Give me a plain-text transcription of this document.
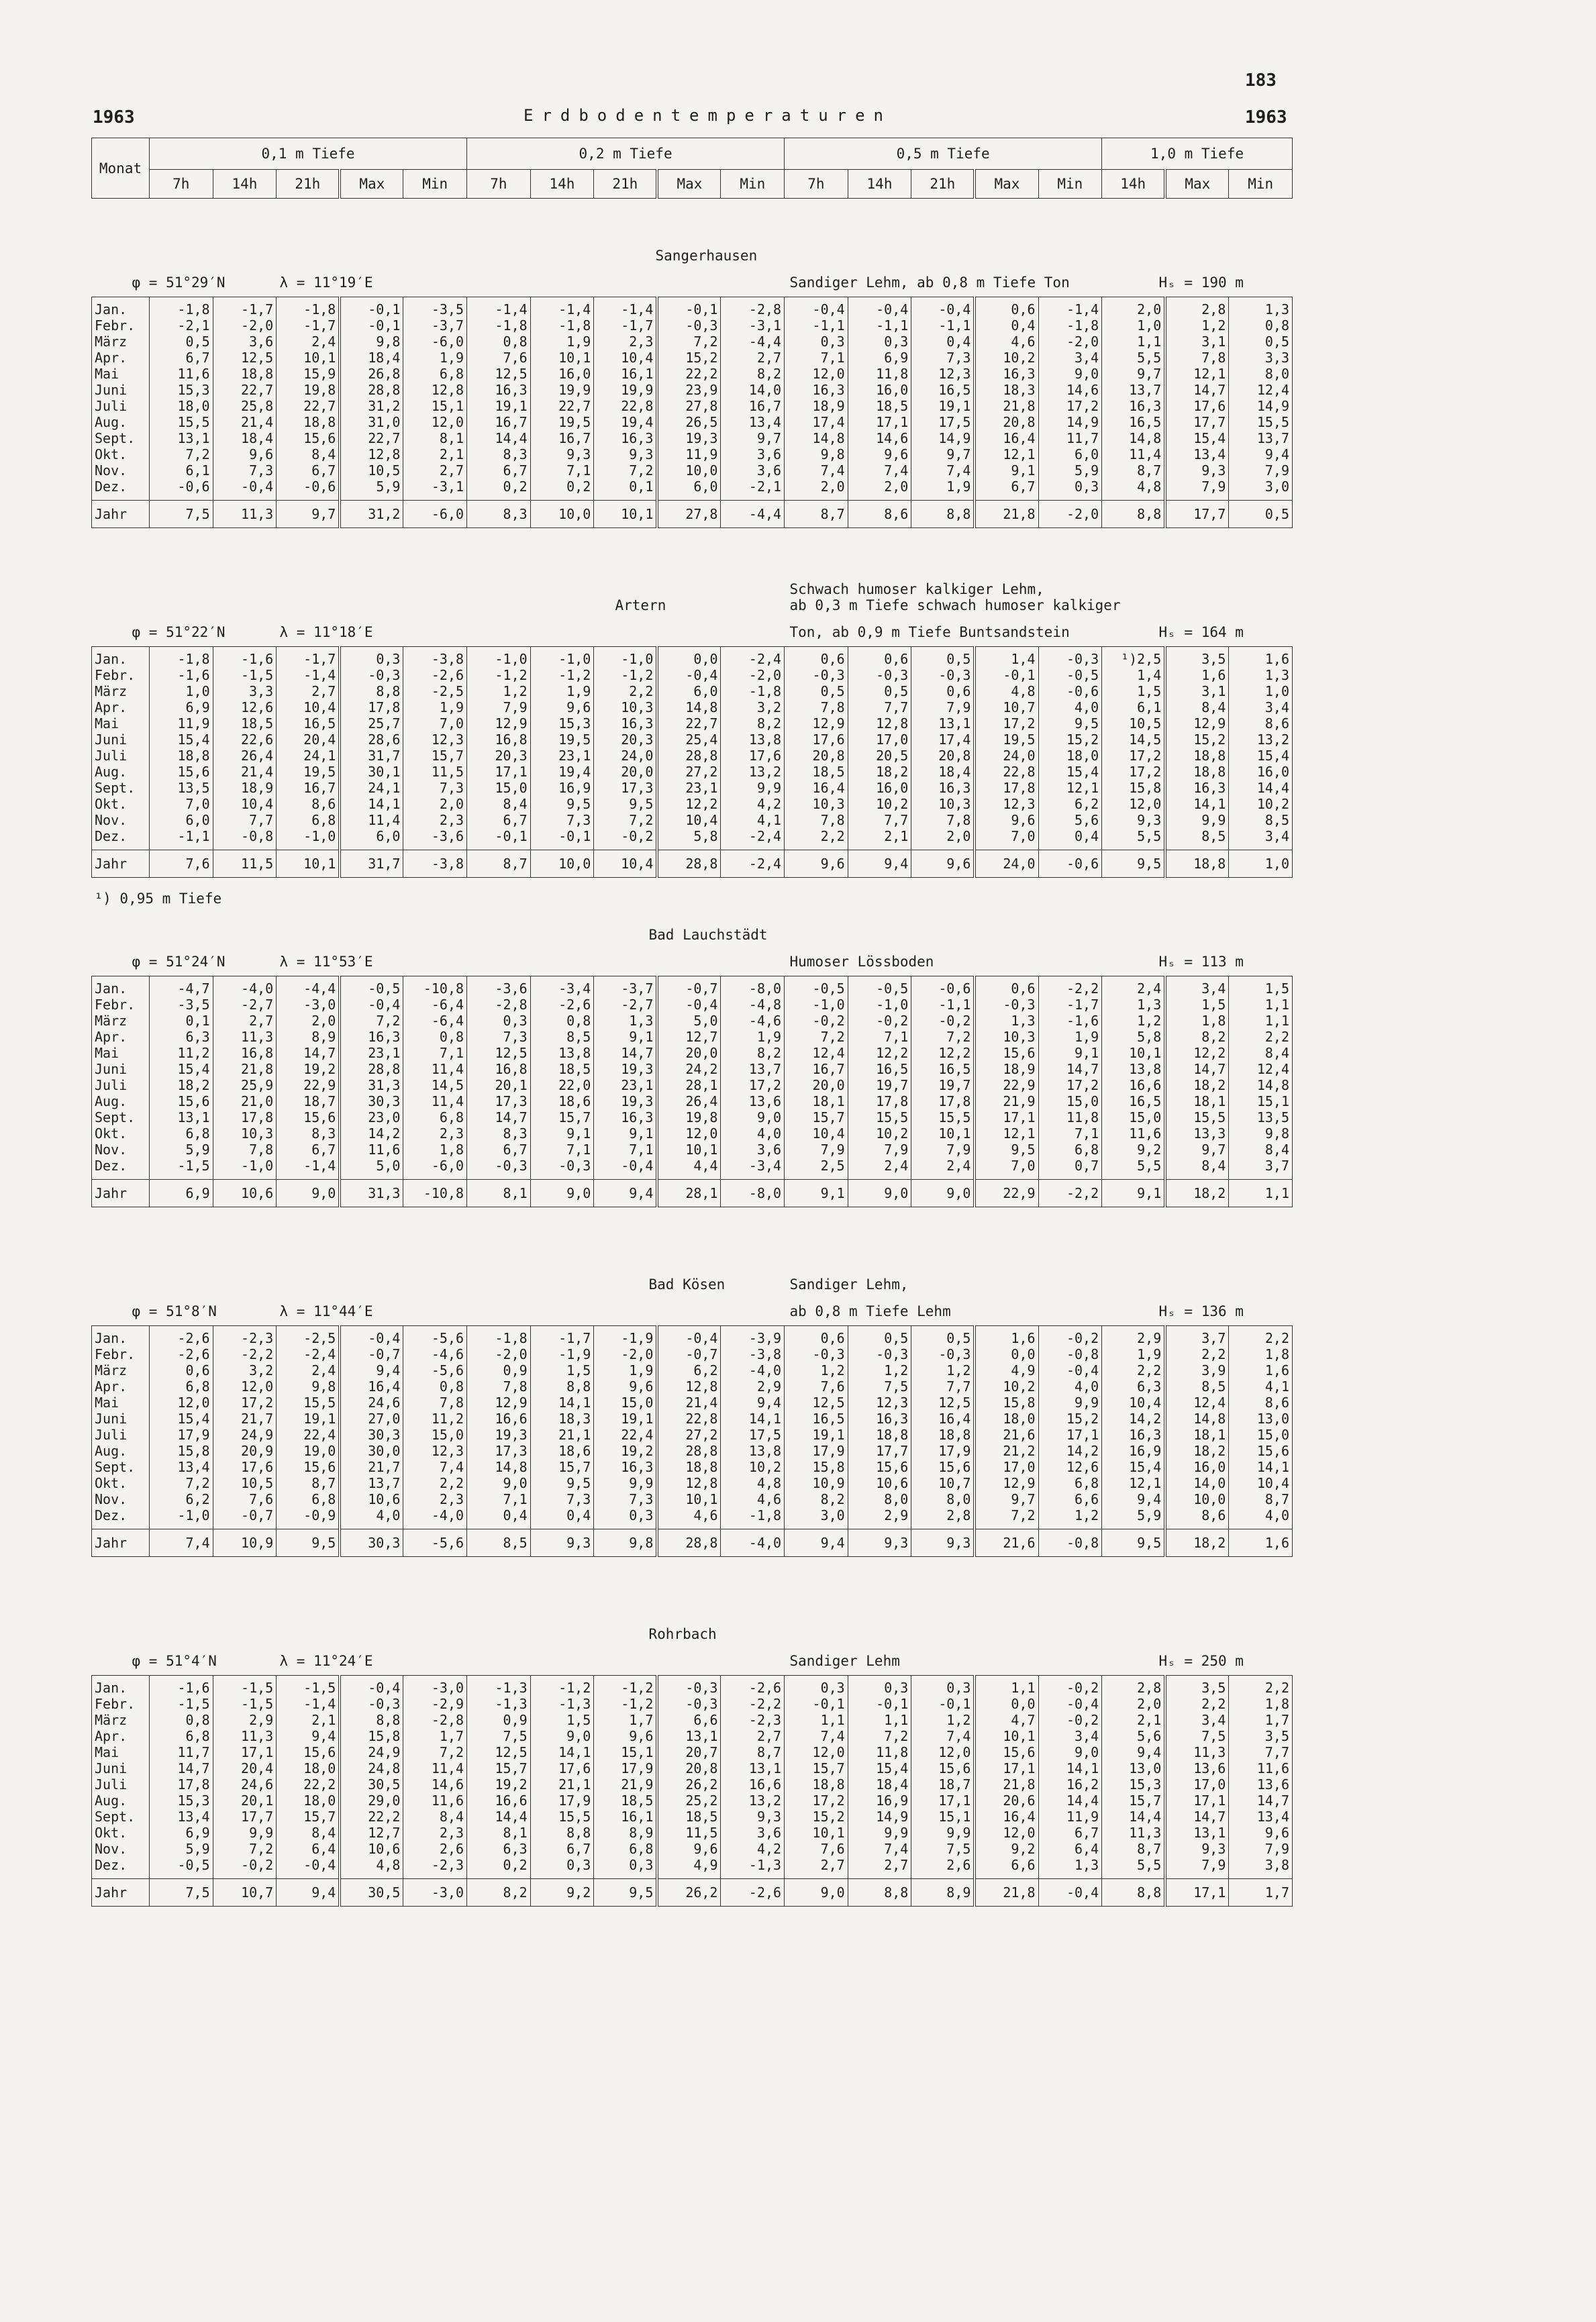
183
1963	Erdbodentemperaturen	1963
Monat	0,1 m Tiefe					0,2 m Tiefe					0,5 m Tiefe					1,0 m Tiefe		
	7h	14h	21h	Max	Min	7h	14h	21h	Max	Min	7h	14h	21h	Max	Min	14h	Max	Min

Sangerhausen																		

φ = 51°29′N λ = 11°19′E Sandiger Lehm, ab 0,8 m Tiefe Ton Hₛ = 190 m																		

Jan.	-1,8	-1,7	-1,8	-0,1	-3,5	-1,4	-1,4	-1,4	-0,1	-2,8	-0,4	-0,4	-0,4	0,6	-1,4	2,0	2,8	1,3
Febr.	-2,1	-2,0	-1,7	-0,1	-3,7	-1,8	-1,8	-1,7	-0,3	-3,1	-1,1	-1,1	-1,1	0,4	-1,8	1,0	1,2	0,8
März	0,5	3,6	2,4	9,8	-6,0	0,8	1,9	2,3	7,2	-4,4	0,3	0,3	0,4	4,6	-2,0	1,1	3,1	0,5
Apr.	6,7	12,5	10,1	18,4	1,9	7,6	10,1	10,4	15,2	2,7	7,1	6,9	7,3	10,2	3,4	5,5	7,8	3,3
Mai	11,6	18,8	15,9	26,8	6,8	12,5	16,0	16,1	22,2	8,2	12,0	11,8	12,3	16,3	9,0	9,7	12,1	8,0
Juni	15,3	22,7	19,8	28,8	12,8	16,3	19,9	19,9	23,9	14,0	16,3	16,0	16,5	18,3	14,6	13,7	14,7	12,4
Juli	18,0	25,8	22,7	31,2	15,1	19,1	22,7	22,8	27,8	16,7	18,9	18,5	19,1	21,8	17,2	16,3	17,6	14,9
Aug.	15,5	21,4	18,8	31,0	12,0	16,7	19,5	19,4	26,5	13,4	17,4	17,1	17,5	20,8	14,9	16,5	17,7	15,5
Sept.	13,1	18,4	15,6	22,7	8,1	14,4	16,7	16,3	19,3	9,7	14,8	14,6	14,9	16,4	11,7	14,8	15,4	13,7
Okt.	7,2	9,6	8,4	12,8	2,1	8,3	9,3	9,3	11,9	3,6	9,8	9,6	9,7	12,1	6,0	11,4	13,4	9,4
Nov.	6,1	7,3	6,7	10,5	2,7	6,7	7,1	7,2	10,0	3,6	7,4	7,4	7,4	9,1	5,9	8,7	9,3	7,9
Dez.	-0,6	-0,4	-0,6	5,9	-3,1	0,2	0,2	0,1	6,0	-2,1	2,0	2,0	1,9	6,7	0,3	4,8	7,9	3,0

Jahr	7,5	11,3	9,7	31,2	-6,0	8,3	10,0	10,1	27,8	-4,4	8,7	8,6	8,8	21,8	-2,0	8,8	17,7	0,5

Artern
Schwach humoser kalkiger Lehm,
ab 0,3 m Tiefe schwach humoser kalkiger																		

φ = 51°22′N λ = 11°18′E Ton, ab 0,9 m Tiefe Buntsandstein Hₛ = 164 m																		

Jan.	-1,8	-1,6	-1,7	0,3	-3,8	-1,0	-1,0	-1,0	0,0	-2,4	0,6	0,6	0,5	1,4	-0,3	¹)2,5	3,5	1,6
Febr.	-1,6	-1,5	-1,4	-0,3	-2,6	-1,2	-1,2	-1,2	-0,4	-2,0	-0,3	-0,3	-0,3	-0,1	-0,5	1,4	1,6	1,3
März	1,0	3,3	2,7	8,8	-2,5	1,2	1,9	2,2	6,0	-1,8	0,5	0,5	0,6	4,8	-0,6	1,5	3,1	1,0
Apr.	6,9	12,6	10,4	17,8	1,9	7,9	9,6	10,3	14,8	3,2	7,8	7,7	7,9	10,7	4,0	6,1	8,4	3,4
Mai	11,9	18,5	16,5	25,7	7,0	12,9	15,3	16,3	22,7	8,2	12,9	12,8	13,1	17,2	9,5	10,5	12,9	8,6
Juni	15,4	22,6	20,4	28,6	12,3	16,8	19,5	20,3	25,4	13,8	17,6	17,0	17,4	19,5	15,2	14,5	15,2	13,2
Juli	18,8	26,4	24,1	31,7	15,7	20,3	23,1	24,0	28,8	17,6	20,8	20,5	20,8	24,0	18,0	17,2	18,8	15,4
Aug.	15,6	21,4	19,5	30,1	11,5	17,1	19,4	20,0	27,2	13,2	18,5	18,2	18,4	22,8	15,4	17,2	18,8	16,0
Sept.	13,5	18,9	16,7	24,1	7,3	15,0	16,9	17,3	23,1	9,9	16,4	16,0	16,3	17,8	12,1	15,8	16,3	14,4
Okt.	7,0	10,4	8,6	14,1	2,0	8,4	9,5	9,5	12,2	4,2	10,3	10,2	10,3	12,3	6,2	12,0	14,1	10,2
Nov.	6,0	7,7	6,8	11,4	2,3	6,7	7,3	7,2	10,4	4,1	7,8	7,7	7,8	9,6	5,6	9,3	9,9	8,5
Dez.	-1,1	-0,8	-1,0	6,0	-3,6	-0,1	-0,1	-0,2	5,8	-2,4	2,2	2,1	2,0	7,0	0,4	5,5	8,5	3,4

Jahr	7,6	11,5	10,1	31,7	-3,8	8,7	10,0	10,4	28,8	-2,4	9,6	9,4	9,6	24,0	-0,6	9,5	18,8	1,0

¹) 0,95 m Tiefe																		

Bad Lauchstädt																		

φ = 51°24′N λ = 11°53′E Humoser Lössboden Hₛ = 113 m																		

Jan.	-4,7	-4,0	-4,4	-0,5	-10,8	-3,6	-3,4	-3,7	-0,7	-8,0	-0,5	-0,5	-0,6	0,6	-2,2	2,4	3,4	1,5
Febr.	-3,5	-2,7	-3,0	-0,4	-6,4	-2,8	-2,6	-2,7	-0,4	-4,8	-1,0	-1,0	-1,1	-0,3	-1,7	1,3	1,5	1,1
März	0,1	2,7	2,0	7,2	-6,4	0,3	0,8	1,3	5,0	-4,6	-0,2	-0,2	-0,2	1,3	-1,6	1,2	1,8	1,1
Apr.	6,3	11,3	8,9	16,3	0,8	7,3	8,5	9,1	12,7	1,9	7,2	7,1	7,2	10,3	1,9	5,8	8,2	2,2
Mai	11,2	16,8	14,7	23,1	7,1	12,5	13,8	14,7	20,0	8,2	12,4	12,2	12,2	15,6	9,1	10,1	12,2	8,4
Juni	15,4	21,8	19,2	28,8	11,4	16,8	18,5	19,3	24,2	13,7	16,7	16,5	16,5	18,9	14,7	13,8	14,7	12,4
Juli	18,2	25,9	22,9	31,3	14,5	20,1	22,0	23,1	28,1	17,2	20,0	19,7	19,7	22,9	17,2	16,6	18,2	14,8
Aug.	15,6	21,0	18,7	30,3	11,4	17,3	18,6	19,3	26,4	13,6	18,1	17,8	17,8	21,9	15,0	16,5	18,1	15,1
Sept.	13,1	17,8	15,6	23,0	6,8	14,7	15,7	16,3	19,8	9,0	15,7	15,5	15,5	17,1	11,8	15,0	15,5	13,5
Okt.	6,8	10,3	8,3	14,2	2,3	8,3	9,1	9,1	12,0	4,0	10,4	10,2	10,1	12,1	7,1	11,6	13,3	9,8
Nov.	5,9	7,8	6,7	11,6	1,8	6,7	7,1	7,1	10,1	3,6	7,9	7,9	7,9	9,5	6,8	9,2	9,7	8,4
Dez.	-1,5	-1,0	-1,4	5,0	-6,0	-0,3	-0,3	-0,4	4,4	-3,4	2,5	2,4	2,4	7,0	0,7	5,5	8,4	3,7

Jahr	6,9	10,6	9,0	31,3	-10,8	8,1	9,0	9,4	28,1	-8,0	9,1	9,0	9,0	22,9	-2,2	9,1	18,2	1,1

Bad Kösen Sandiger Lehm,																		

φ = 51°8′N λ = 11°44′E ab 0,8 m Tiefe Lehm Hₛ = 136 m																		

Jan.	-2,6	-2,3	-2,5	-0,4	-5,6	-1,8	-1,7	-1,9	-0,4	-3,9	0,6	0,5	0,5	1,6	-0,2	2,9	3,7	2,2
Febr.	-2,6	-2,2	-2,4	-0,7	-4,6	-2,0	-1,9	-2,0	-0,7	-3,8	-0,3	-0,3	-0,3	0,0	-0,8	1,9	2,2	1,8
März	0,6	3,2	2,4	9,4	-5,6	0,9	1,5	1,9	6,2	-4,0	1,2	1,2	1,2	4,9	-0,4	2,2	3,9	1,6
Apr.	6,8	12,0	9,8	16,4	0,8	7,8	8,8	9,6	12,8	2,9	7,6	7,5	7,7	10,2	4,0	6,3	8,5	4,1
Mai	12,0	17,2	15,5	24,6	7,8	12,9	14,1	15,0	21,4	9,4	12,5	12,3	12,5	15,8	9,9	10,4	12,4	8,6
Juni	15,4	21,7	19,1	27,0	11,2	16,6	18,3	19,1	22,8	14,1	16,5	16,3	16,4	18,0	15,2	14,2	14,8	13,0
Juli	17,9	24,9	22,4	30,3	15,0	19,3	21,1	22,4	27,2	17,5	19,1	18,8	18,8	21,6	17,1	16,3	18,1	15,0
Aug.	15,8	20,9	19,0	30,0	12,3	17,3	18,6	19,2	28,8	13,8	17,9	17,7	17,9	21,2	14,2	16,9	18,2	15,6
Sept.	13,4	17,6	15,6	21,7	7,4	14,8	15,7	16,3	18,8	10,2	15,8	15,6	15,6	17,0	12,6	15,4	16,0	14,1
Okt.	7,2	10,5	8,7	13,7	2,2	9,0	9,5	9,9	12,8	4,8	10,9	10,6	10,7	12,9	6,8	12,1	14,0	10,4
Nov.	6,2	7,6	6,8	10,6	2,3	7,1	7,3	7,3	10,1	4,6	8,2	8,0	8,0	9,7	6,6	9,4	10,0	8,7
Dez.	-1,0	-0,7	-0,9	4,0	-4,0	0,4	0,4	0,3	4,6	-1,8	3,0	2,9	2,8	7,2	1,2	5,9	8,6	4,0

Jahr	7,4	10,9	9,5	30,3	-5,6	8,5	9,3	9,8	28,8	-4,0	9,4	9,3	9,3	21,6	-0,8	9,5	18,2	1,6

Rohrbach																		

φ = 51°4′N λ = 11°24′E Sandiger Lehm Hₛ = 250 m																		

Jan.	-1,6	-1,5	-1,5	-0,4	-3,0	-1,3	-1,2	-1,2	-0,3	-2,6	0,3	0,3	0,3	1,1	-0,2	2,8	3,5	2,2
Febr.	-1,5	-1,5	-1,4	-0,3	-2,9	-1,3	-1,3	-1,2	-0,3	-2,2	-0,1	-0,1	-0,1	0,0	-0,4	2,0	2,2	1,8
März	0,8	2,9	2,1	8,8	-2,8	0,9	1,5	1,7	6,6	-2,3	1,1	1,1	1,2	4,7	-0,2	2,1	3,4	1,7
Apr.	6,8	11,3	9,4	15,8	1,7	7,5	9,0	9,6	13,1	2,7	7,4	7,2	7,4	10,1	3,4	5,6	7,5	3,5
Mai	11,7	17,1	15,6	24,9	7,2	12,5	14,1	15,1	20,7	8,7	12,0	11,8	12,0	15,6	9,0	9,4	11,3	7,7
Juni	14,7	20,4	18,0	24,8	11,4	15,7	17,6	17,9	20,8	13,1	15,7	15,4	15,6	17,1	14,1	13,0	13,6	11,6
Juli	17,8	24,6	22,2	30,5	14,6	19,2	21,1	21,9	26,2	16,6	18,8	18,4	18,7	21,8	16,2	15,3	17,0	13,6
Aug.	15,3	20,1	18,0	29,0	11,6	16,6	17,9	18,5	25,2	13,2	17,2	16,9	17,1	20,6	14,4	15,7	17,1	14,7
Sept.	13,4	17,7	15,7	22,2	8,4	14,4	15,5	16,1	18,5	9,3	15,2	14,9	15,1	16,4	11,9	14,4	14,7	13,4
Okt.	6,9	9,9	8,4	12,7	2,3	8,1	8,8	8,9	11,5	3,6	10,1	9,9	9,9	12,0	6,7	11,3	13,1	9,6
Nov.	5,9	7,2	6,4	10,6	2,6	6,3	6,7	6,8	9,6	4,2	7,6	7,4	7,5	9,2	6,4	8,7	9,3	7,9
Dez.	-0,5	-0,2	-0,4	4,8	-2,3	0,2	0,3	0,3	4,9	-1,3	2,7	2,7	2,6	6,6	1,3	5,5	7,9	3,8

Jahr	7,5	10,7	9,4	30,5	-3,0	8,2	9,2	9,5	26,2	-2,6	9,0	8,8	8,9	21,8	-0,4	8,8	17,1	1,7
